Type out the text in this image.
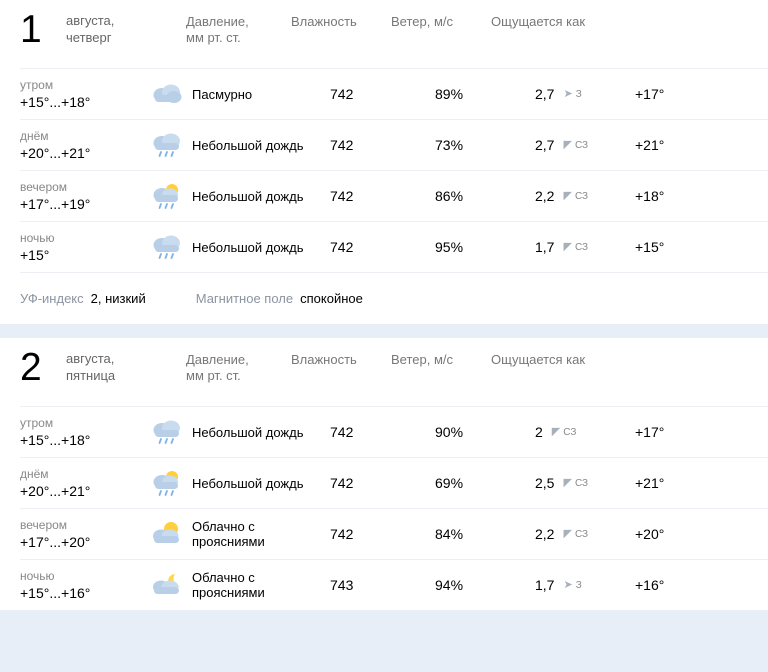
1	августа,
четверг
Давление,
мм рт. ст.
Влажность	Ветер, м/с	Ощущается как
утром
+15°...+18°	Пасмурно	742	89%	2,7 ➤ З	+17°
днём
+20°...+21°	Небольшой дождь 742	73%	2,7 ◤ СЗ	+21°
вечером
+17°...+19°	Небольшой дождь 742	86%	2,2 ◤ СЗ	+18°
ночью
+15°	Небольшой дождь 742	95%	1,7 ◤ СЗ	+15°
УФ-индекс 2, низкий	Магнитное поле спокойное
2	августа,
пятница
Давление,
мм рт. ст.
Влажность	Ветер, м/с	Ощущается как
утром
+15°...+18°	Небольшой дождь 742	90%	2 ◤ СЗ	+17°
днём
+20°...+21°	Небольшой дождь 742	69%	2,5 ◤ СЗ	+21°
вечером
+17°...+20°
Облачно с проясниями	742	84%	2,2 ◤ СЗ	+20°
ночью
+15°...+16°
Облачно с проясниями	743	94%	1,7 ➤ З	+16°
